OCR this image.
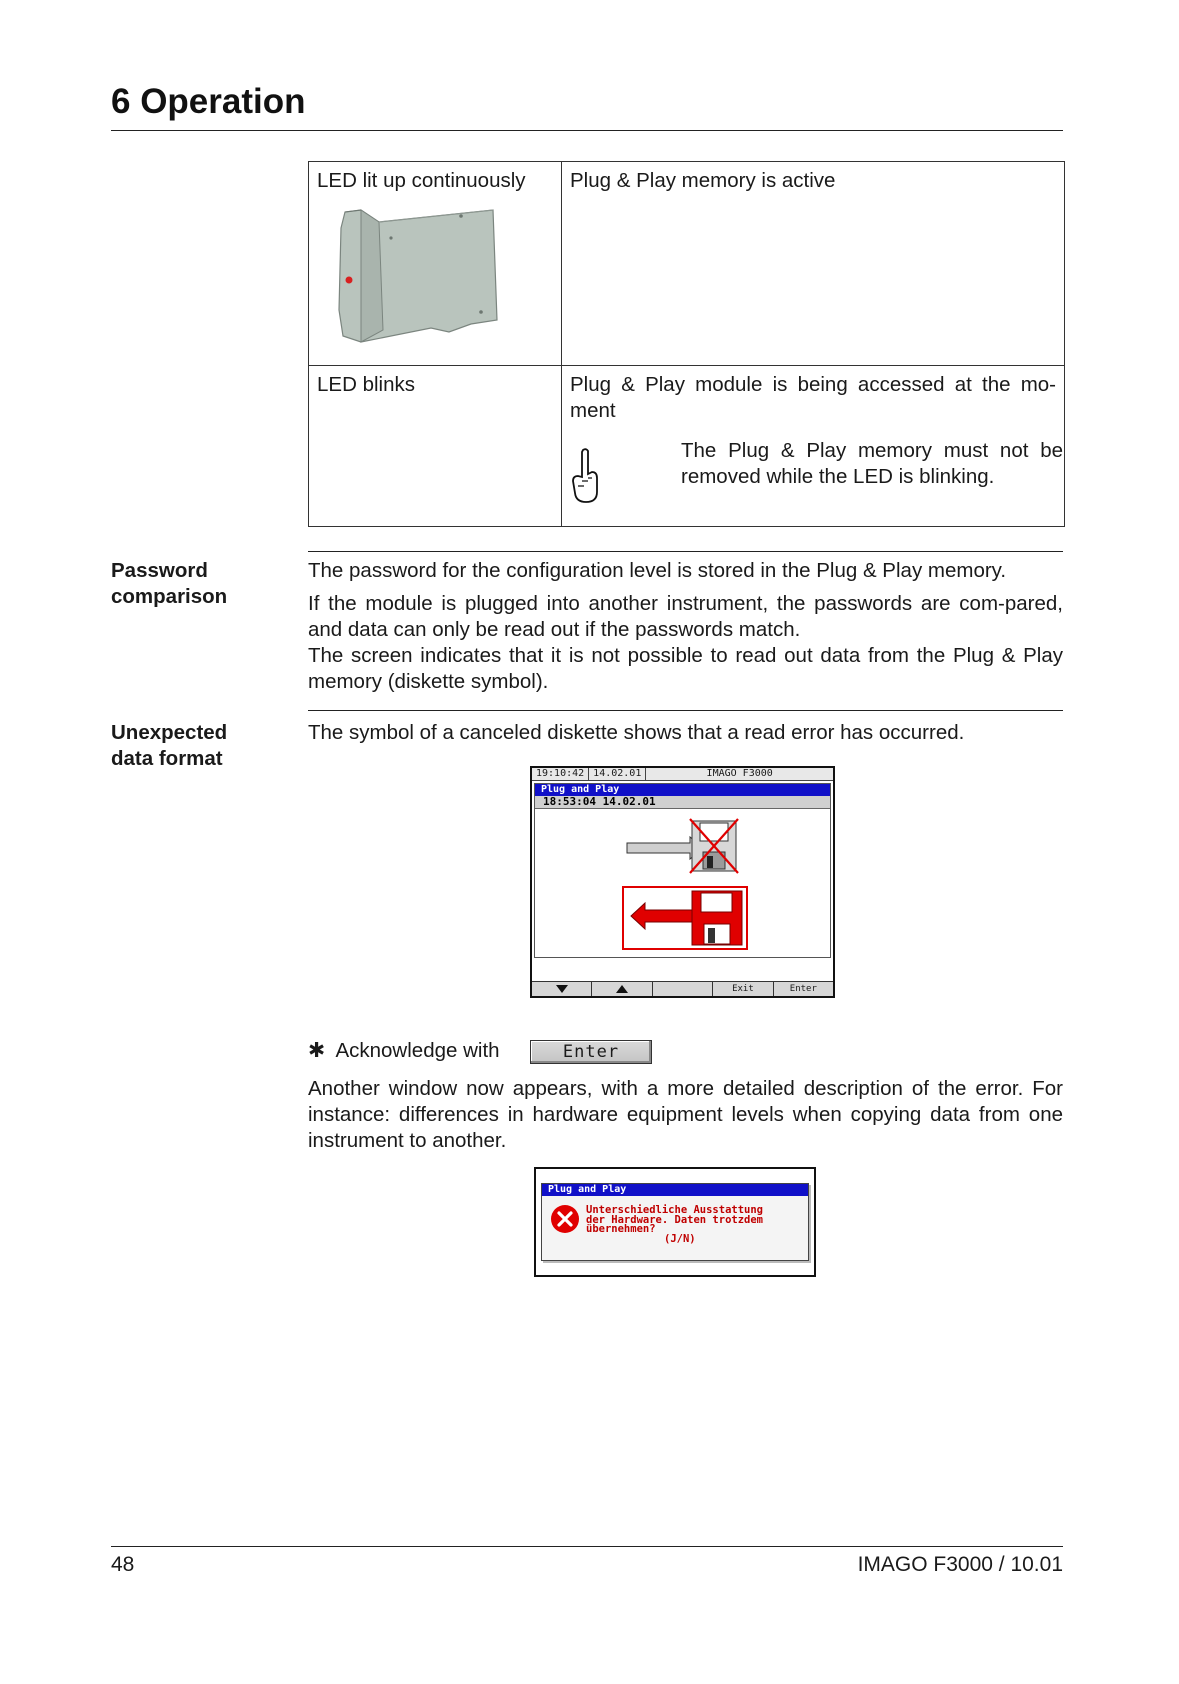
6 Operation
LED lit up continuously	Plug & Play memory is active
LED blinks	Plug & Play module is being accessed at the mo-ment
The Plug & Play memory must not be removed while the LED is blinking.
Password comparison
The password for the configuration level is stored in the Plug & Play memory.
If the module is plugged into another instrument, the passwords are com-pared, and data can only be read out if the passwords match.
The screen indicates that it is not possible to read out data from the Plug & Play memory (diskette symbol).
Unexpected data format
The symbol of a canceled diskette shows that a read error has occurred.
19:10:42 14.02.01	IMAGO F3000
Plug and Play
18:53:04 14.02.01
Exit	Enter
✱ Acknowledge with	Enter
Another window now appears, with a more detailed description of the error. For instance: differences in hardware equipment levels when copying data from one instrument to another.
Plug and Play
Unterschiedliche Ausstattung
der Hardware. Daten trotzdem
übernehmen?
(J/N)
48	IMAGO F3000 / 10.01
